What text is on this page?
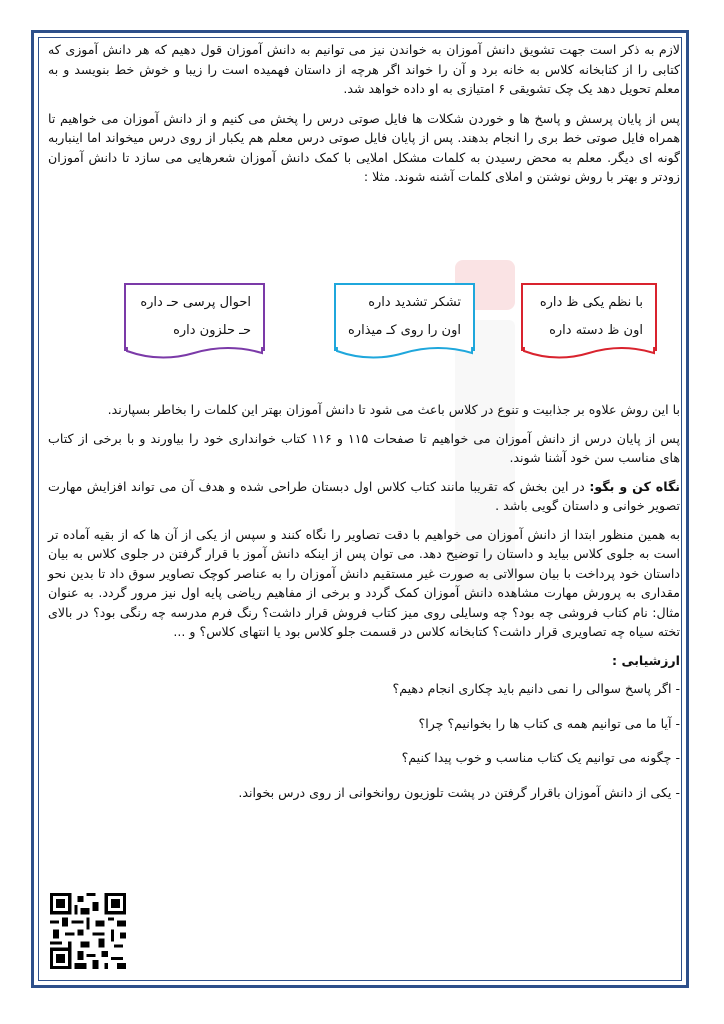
لازم به ذکر است جهت تشویق دانش آموزان به خواندن نیز می توانیم به دانش آموزان قول دهیم که هر دانش آموزی که کتابی را از کتابخانه کلاس به خانه برد و آن را خواند اگر هرچه از داستان فهمیده است را زیبا و خوش خط بنویسد و به معلم تحویل دهد یک چک تشویقی ۶ امتیازی به او داده خواهد شد.

پس از پایان پرسش و پاسخ ها و خوردن شکلات ها فایل صوتی درس را پخش می کنیم و از دانش آموزان می خواهیم تا همراه فایل صوتی خط بری را انجام بدهند. پس از پایان فایل صوتی درس معلم هم یکبار از روی درس میخواند اما اینباربه گونه ای دیگر. معلم به محض رسیدن به کلمات مشکل املایی با کمک دانش آموزان شعرهایی می سازد تا دانش آموزان زودتر و بهتر با روش نوشتن و املای کلمات آشنه شوند. مثلا :

با نظم یکی ظ داره
اون ظ دسته داره
تشکر تشدید داره
اون را روی کـ میذاره
احوال پرسی حـ داره
حـ حلزون داره

با این روش علاوه بر جذابیت و تنوع در کلاس باعث می شود تا دانش آموزان بهتر این کلمات را بخاطر بسپارند.

پس از پایان درس از دانش آموزان می خواهیم تا صفحات ۱۱۵ و ۱۱۶ کتاب خوانداری خود را بیاورند و با برخی از کتاب های مناسب سن خود آشنا شوند.

نگاه کن و بگو: در این بخش که تقریبا مانند کتاب کلاس اول دبستان طراحی شده و هدف آن می تواند افزایش مهارت تصویر خوانی و داستان گویی باشد .

به همین منظور ابتدا از دانش آموزان می خواهیم با دقت تصاویر را نگاه کنند و سپس از یکی از آن ها که از بقیه آماده تر است به جلوی کلاس بیاید و داستان را توضیح دهد. می توان پس از اینکه دانش آموز با قرار گرفتن در جلوی کلاس به بیان داستان خود پرداخت با بیان سوالاتی به صورت غیر مستقیم دانش آموزان را به عناصر کوچک تصاویر سوق داد تا بدین نحو مقداری به پرورش مهارت مشاهده دانش آموزان کمک گردد و برخی از مفاهیم ریاضی پایه اول نیز مرور گردد. به عنوان مثال: نام کتاب فروشی چه بود؟ چه وسایلی روی میز کتاب فروش قرار داشت؟ رنگ فرم مدرسه چه رنگی بود؟ در بالای تخته سیاه چه تصاویری قرار داشت؟ کتابخانه کلاس در قسمت جلو کلاس بود یا انتهای کلاس؟ و ...

ارزشیابی :

- اگر پاسخ سوالی را نمی دانیم باید چکاری انجام دهیم؟

- آیا ما می توانیم همه ی کتاب ها را بخوانیم؟ چرا؟

- چگونه می توانیم یک کتاب مناسب و خوب پیدا کنیم؟

- یکی از دانش آموزان باقرار گرفتن در پشت تلوزیون روانخوانی از روی درس بخواند.
